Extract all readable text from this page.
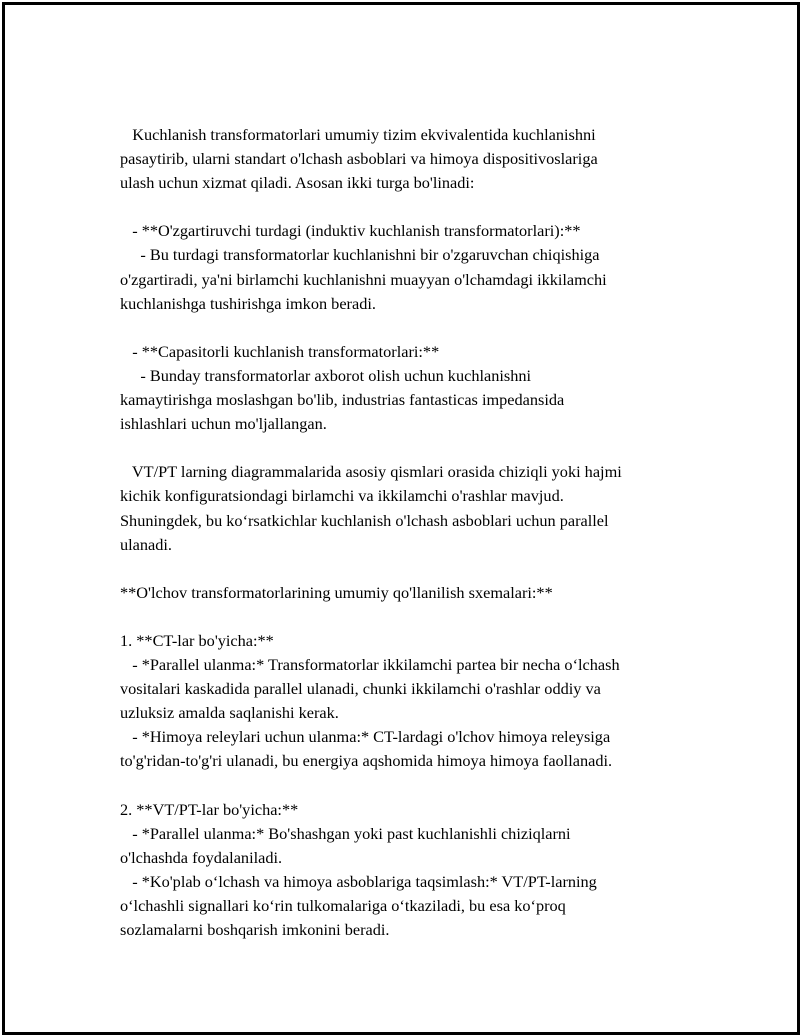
Kuchlanish transformatorlari umumiy tizim ekvivalentida kuchlanishni
pasaytirib, ularni standart o'lchash asboblari va himoya dispositivoslariga
ulash uchun xizmat qiladi. Asosan ikki turga bo'linadi:
- **O'zgartiruvchi turdagi (induktiv kuchlanish transformatorlari):**
- Bu turdagi transformatorlar kuchlanishni bir o'zgaruvchan chiqishiga
o'zgartiradi, ya'ni birlamchi kuchlanishni muayyan o'lchamdagi ikkilamchi
kuchlanishga tushirishga imkon beradi.
- **Capasitorli kuchlanish transformatorlari:**
- Bunday transformatorlar axborot olish uchun kuchlanishni
kamaytirishga moslashgan bo'lib, industrias fantasticas impedansida
ishlashlari uchun mo'ljallangan.
VT/PT larning diagrammalarida asosiy qismlari orasida chiziqli yoki hajmi
kichik konfiguratsiondagi birlamchi va ikkilamchi o'rashlar mavjud.
Shuningdek, bu ko‘rsatkichlar kuchlanish o'lchash asboblari uchun parallel
ulanadi.
**O'lchov transformatorlarining umumiy qo'llanilish sxemalari:**
1. **CT-lar bo'yicha:**
- *Parallel ulanma:* Transformatorlar ikkilamchi partea bir necha o‘lchash
vositalari kaskadida parallel ulanadi, chunki ikkilamchi o'rashlar oddiy va
uzluksiz amalda saqlanishi kerak.
- *Himoya releylari uchun ulanma:* CT-lardagi o'lchov himoya releysiga
to'g'ridan-to'g'ri ulanadi, bu energiya aqshomida himoya himoya faollanadi.
2. **VT/PT-lar bo'yicha:**
- *Parallel ulanma:* Bo'shashgan yoki past kuchlanishli chiziqlarni
o'lchashda foydalaniladi.
- *Ko'plab o‘lchash va himoya asboblariga taqsimlash:* VT/PT-larning
o‘lchashli signallari ko‘rin tulkomalariga o‘tkaziladi, bu esa ko‘proq
sozlamalarni boshqarish imkonini beradi.
